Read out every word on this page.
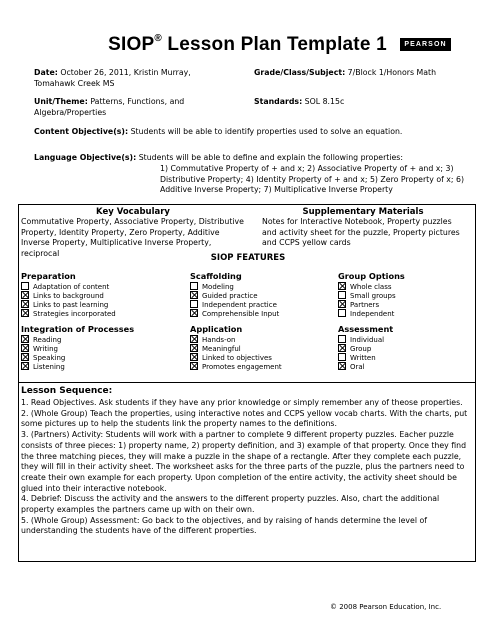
SIOP® Lesson Plan Template 1	PEARSON
Date: October 26, 2011, Kristin Murray, Tomahawk Creek MS
Grade/Class/Subject: 7/Block 1/Honors Math
Unit/Theme: Patterns, Functions, and Algebra/Properties
Standards: SOL 8.15c
Content Objective(s): Students will be able to identify properties used to solve an equation.
Language Objective(s): Students will be able to define and explain the following properties:
1) Commutative Property of + and x; 2) Associative Property of + and x; 3) Distributive Property; 4) Identity Property of + and x; 5) Zero Property of x; 6) Additive Inverse Property; 7) Multiplicative Inverse Property
Key Vocabulary
Commutative Property, Associative Property, Distributive Property, Identity Property, Zero Property, Additive Inverse Property, Multiplicative Inverse Property, reciprocal
Supplementary Materials
Notes for Interactive Notebook, Property puzzles and activity sheet for the puzzle, Property pictures and CCPS yellow cards
SIOP FEATURES
Preparation
Adaptation of content
Links to background
Links to past learning
Strategies incorporated
Scaffolding
Modeling
Guided practice
Independent practice
Comprehensible Input
Group Options
Whole class
Small groups
Partners
Independent
Integration of Processes
Reading
Writing
Speaking
Listening
Application
Hands-on
Meaningful
Linked to objectives
Promotes engagement
Assessment
Individual
Group
Written
Oral
Lesson Sequence:

1. Read Objectives. Ask students if they have any prior knowledge or simply remember any of theose properties.

2. (Whole Group) Teach the properties, using interactive notes and CCPS yellow vocab charts. With the charts, put some pictures up to help the students link the property names to the definitions.

3. (Partners) Activity: Students will work with a partner to complete 9 different property puzzles. Eacher puzzle consists of three pieces: 1) property name, 2) property definition, and 3) example of that property. Once they find the three matching pieces, they will make a puzzle in the shape of a rectangle. After they complete each puzzle, they will fill in their activity sheet. The worksheet asks for the three parts of the puzzle, plus the partners need to create their own example for each property. Upon completion of the entire activity, the activity sheet should be glued into their interactive notebook.

4. Debrief: Discuss the activity and the answers to the different property puzzles. Also, chart the additional property examples the partners came up with on their own.

5. (Whole Group) Assessment: Go back to the objectives, and by raising of hands determine the level of understanding the students have of the different properties.

© 2008 Pearson Education, Inc.
